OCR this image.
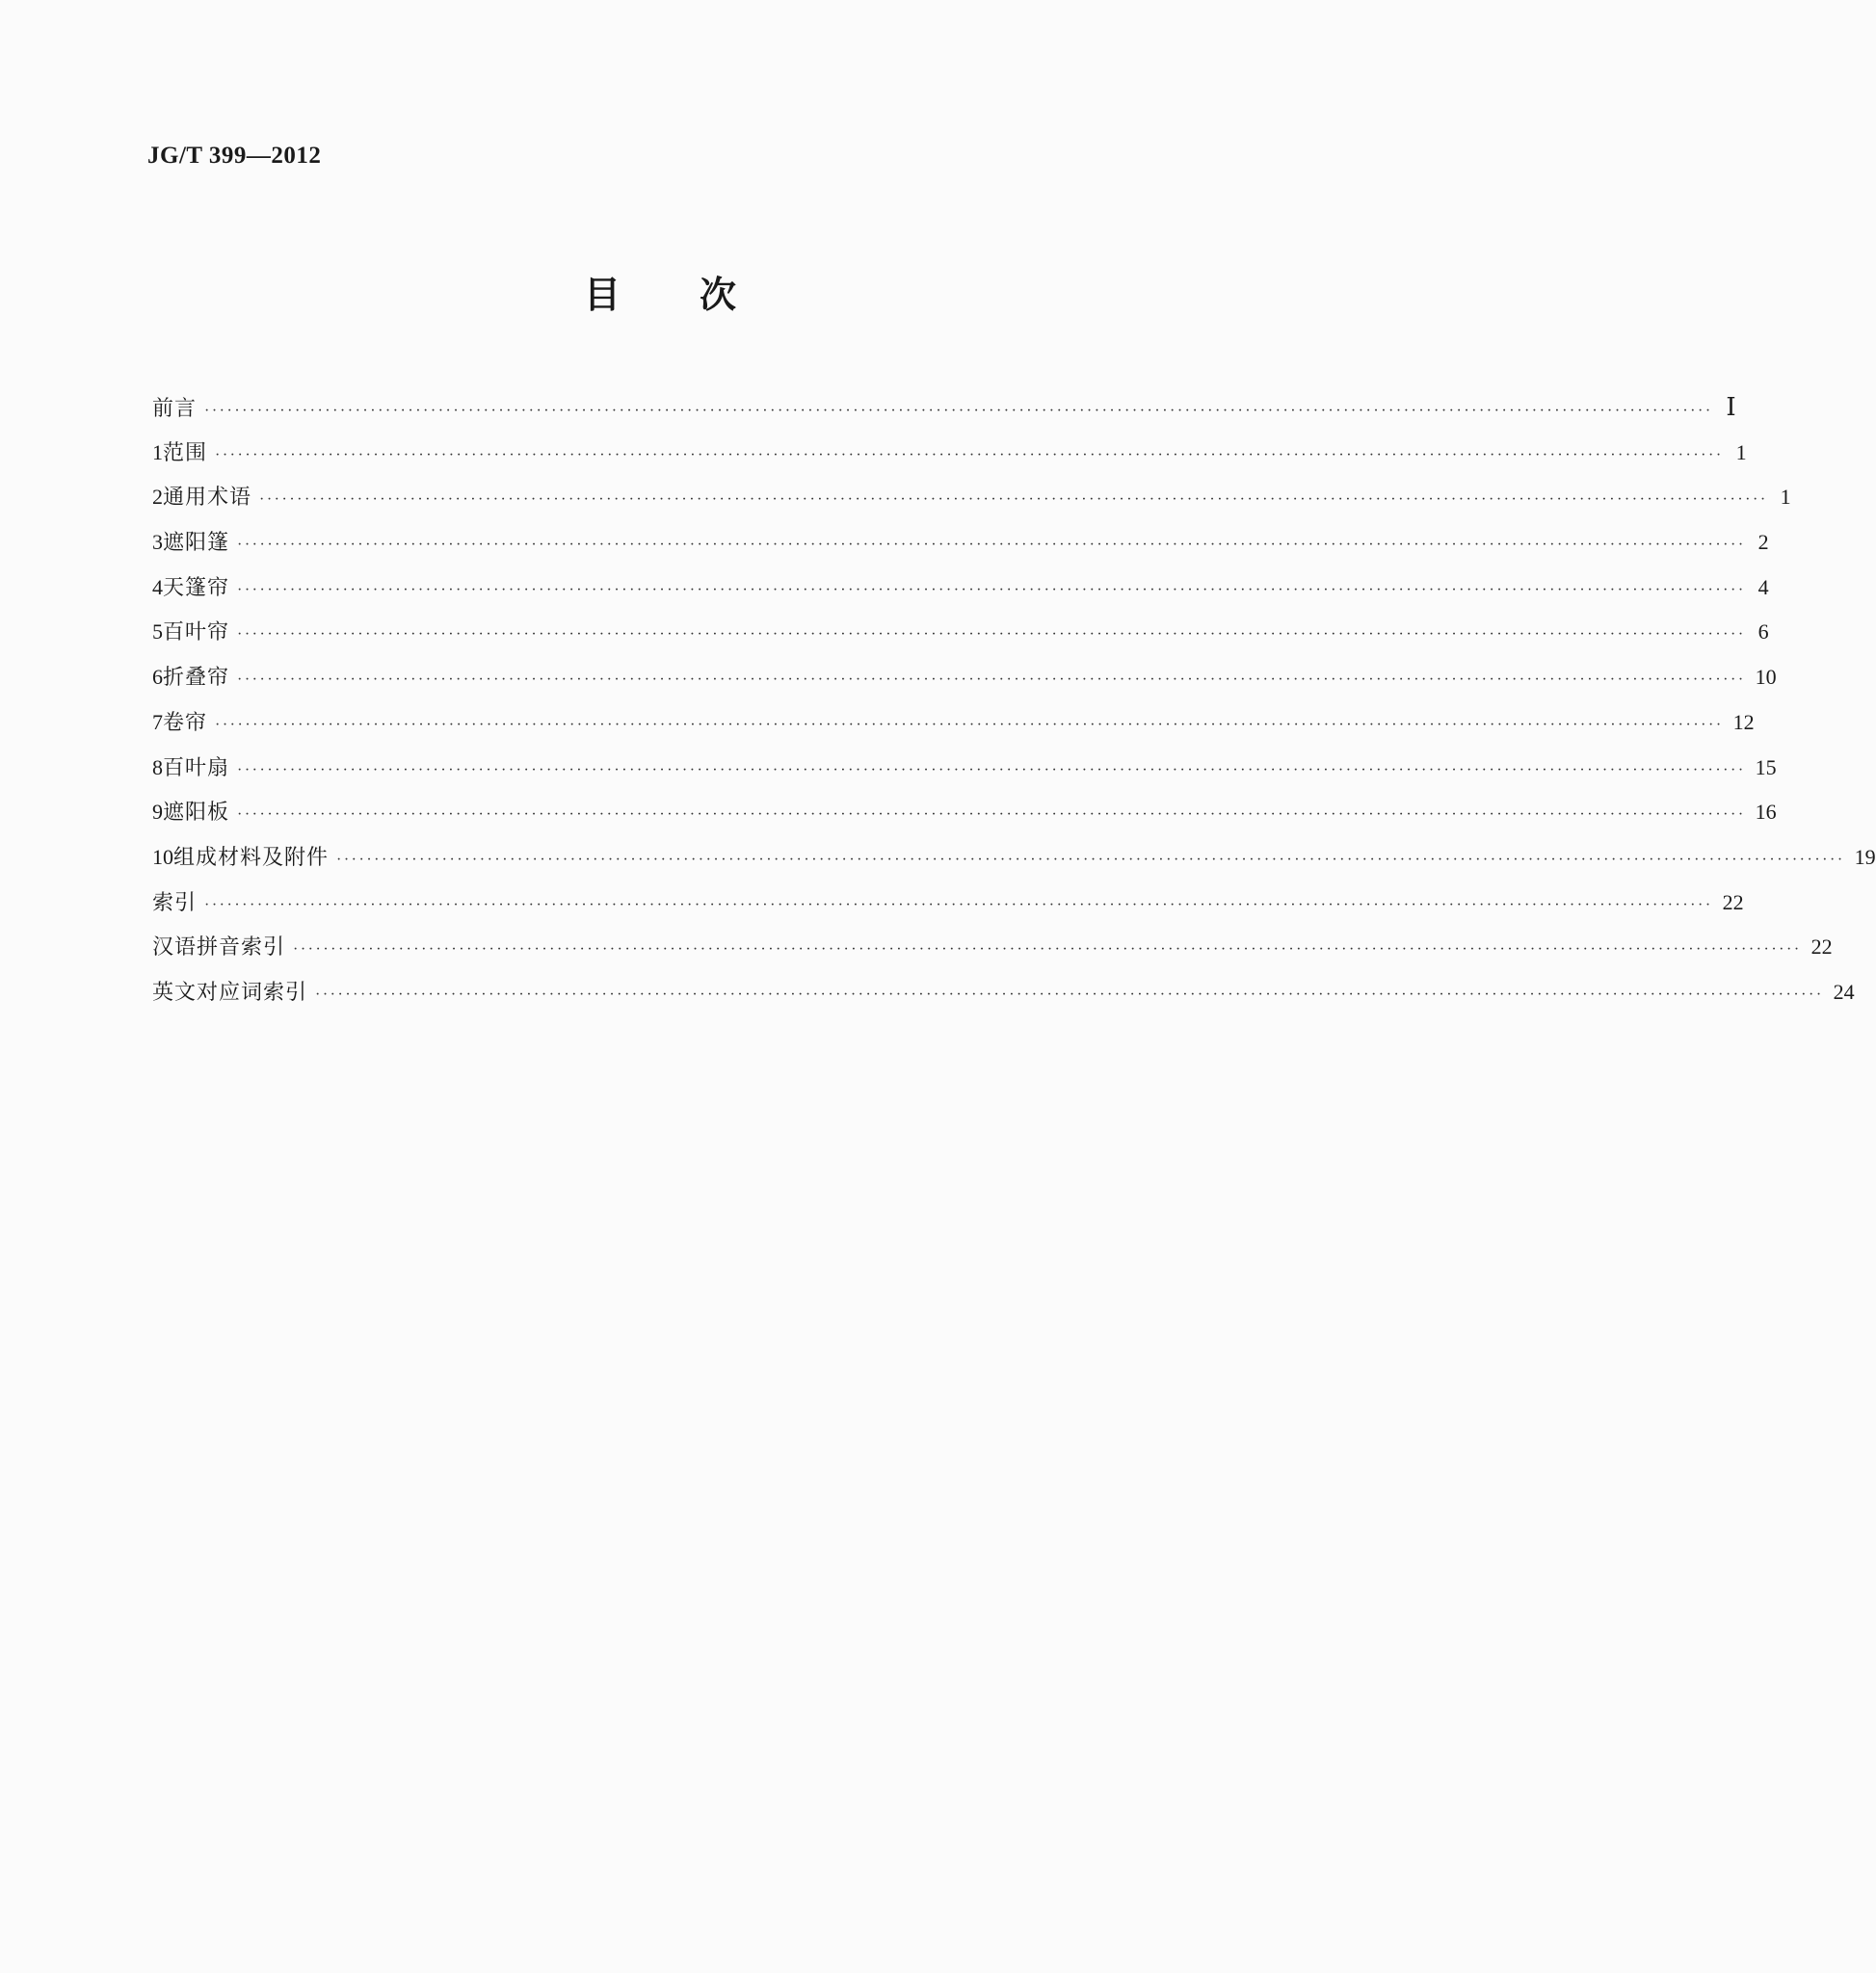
JG/T 399—2012
目　　次
前言 ········································································································································································································ Ⅰ
1 范围 ········································································································································································································ 1
2 通用术语 ········································································································································································································ 1
3 遮阳篷 ········································································································································································································ 2
4 天篷帘 ········································································································································································································ 4
5 百叶帘 ········································································································································································································ 6
6 折叠帘 ········································································································································································································ 10
7 卷帘 ········································································································································································································ 12
8 百叶扇 ········································································································································································································ 15
9 遮阳板 ········································································································································································································ 16
10 组成材料及附件 ········································································································································································································ 19
索引 ········································································································································································································ 22
汉语拼音索引 ········································································································································································································ 22
英文对应词索引 ········································································································································································································ 24
